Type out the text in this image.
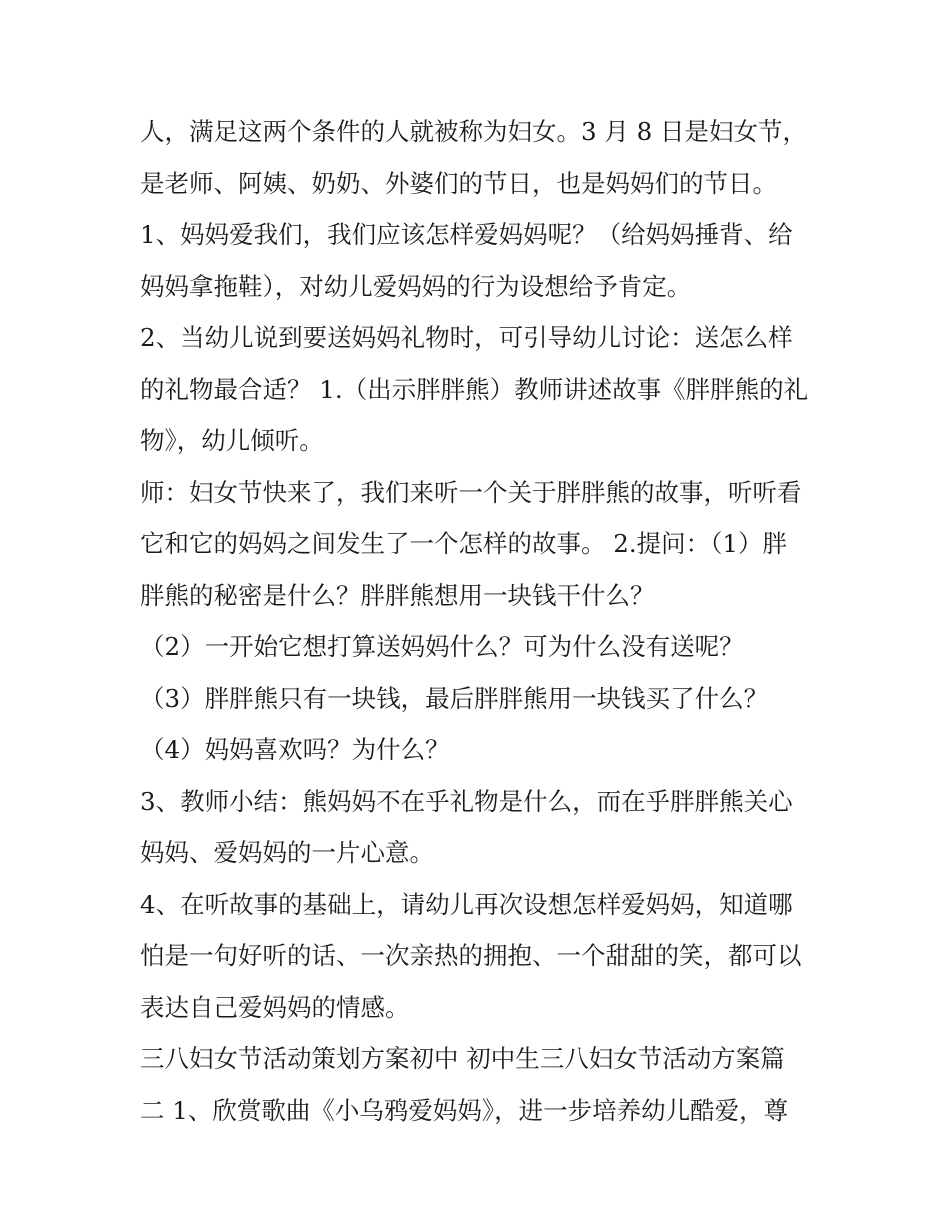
人，满足这两个条件的人就被称为妇女。3 月 8 日是妇女节，
是老师、阿姨、奶奶、外婆们的节日，也是妈妈们的节日。
1、妈妈爱我们，我们应该怎样爱妈妈呢？（给妈妈捶背、给
妈妈拿拖鞋），对幼儿爱妈妈的行为设想给予肯定。
2、当幼儿说到要送妈妈礼物时，可引导幼儿讨论：送怎么样
的礼物最合适？ 1.（出示胖胖熊）教师讲述故事《胖胖熊的礼
物》，幼儿倾听。
师：妇女节快来了，我们来听一个关于胖胖熊的故事，听听看
它和它的妈妈之间发生了一个怎样的故事。 2.提问：（1）胖
胖熊的秘密是什么？胖胖熊想用一块钱干什么？
（2）一开始它想打算送妈妈什么？可为什么没有送呢？
（3）胖胖熊只有一块钱，最后胖胖熊用一块钱买了什么？
（4）妈妈喜欢吗？为什么？
3、教师小结：熊妈妈不在乎礼物是什么，而在乎胖胖熊关心
妈妈、爱妈妈的一片心意。
4、在听故事的基础上，请幼儿再次设想怎样爱妈妈，知道哪
怕是一句好听的话、一次亲热的拥抱、一个甜甜的笑，都可以
表达自己爱妈妈的情感。
三八妇女节活动策划方案初中 初中生三八妇女节活动方案篇
二 1、欣赏歌曲《小乌鸦爱妈妈》，进一步培养幼儿酷爱，尊
